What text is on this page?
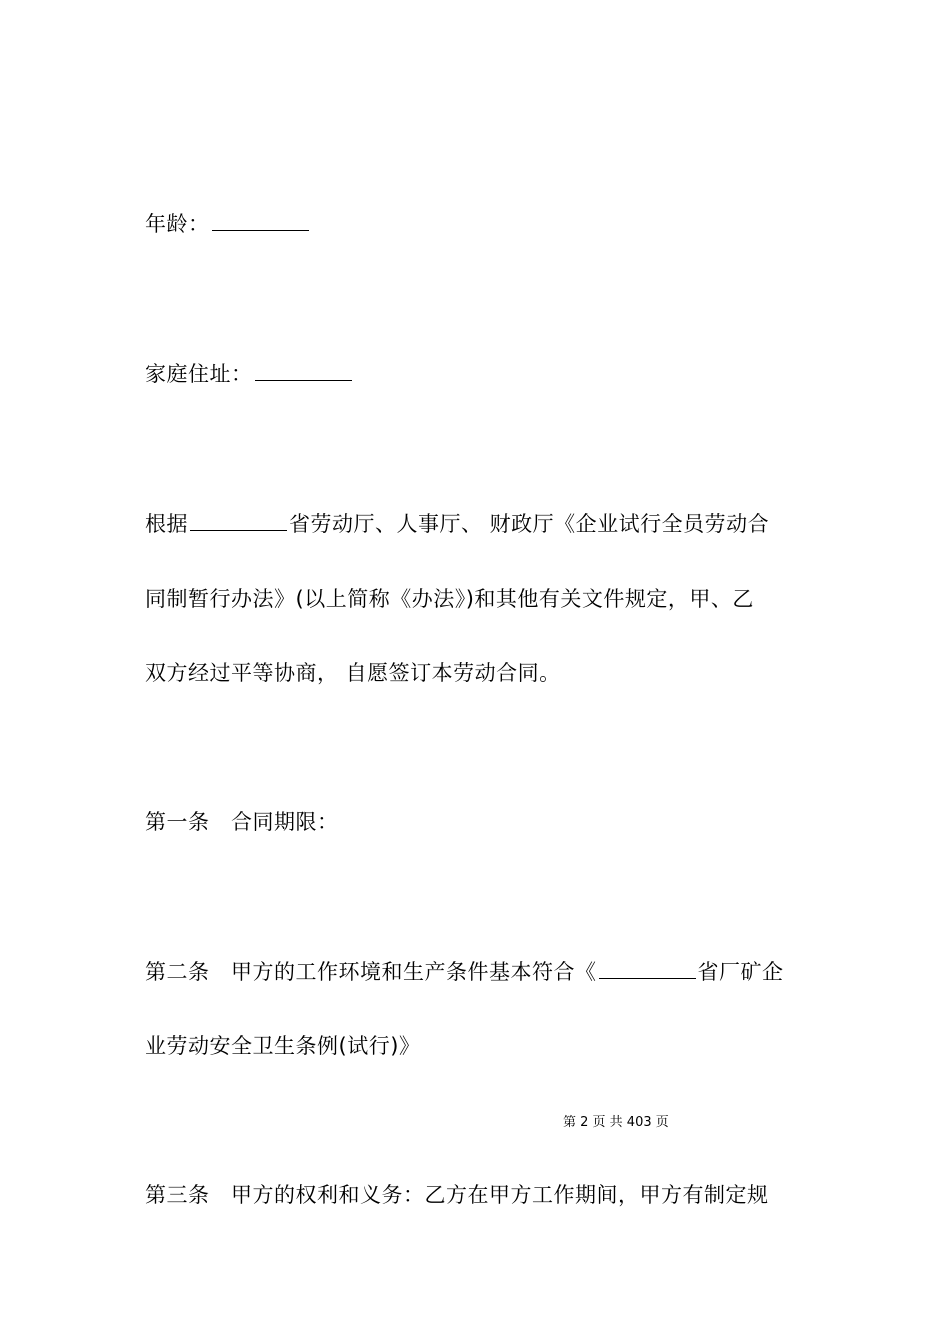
年龄：
家庭住址：
根据	省劳动厅、人事厅、 财政厅《企业试行全员劳动合
同制暂行办法》(以上简称《办法》)和其他有关文件规定，甲、乙
双方经过平等协商， 自愿签订本劳动合同。
第一条　合同期限：
第二条　甲方的工作环境和生产条件基本符合《	省厂矿企
业劳动安全卫生条例(试行)》
第 2 页 共 403 页
第三条　甲方的权利和义务：乙方在甲方工作期间，甲方有制定规
